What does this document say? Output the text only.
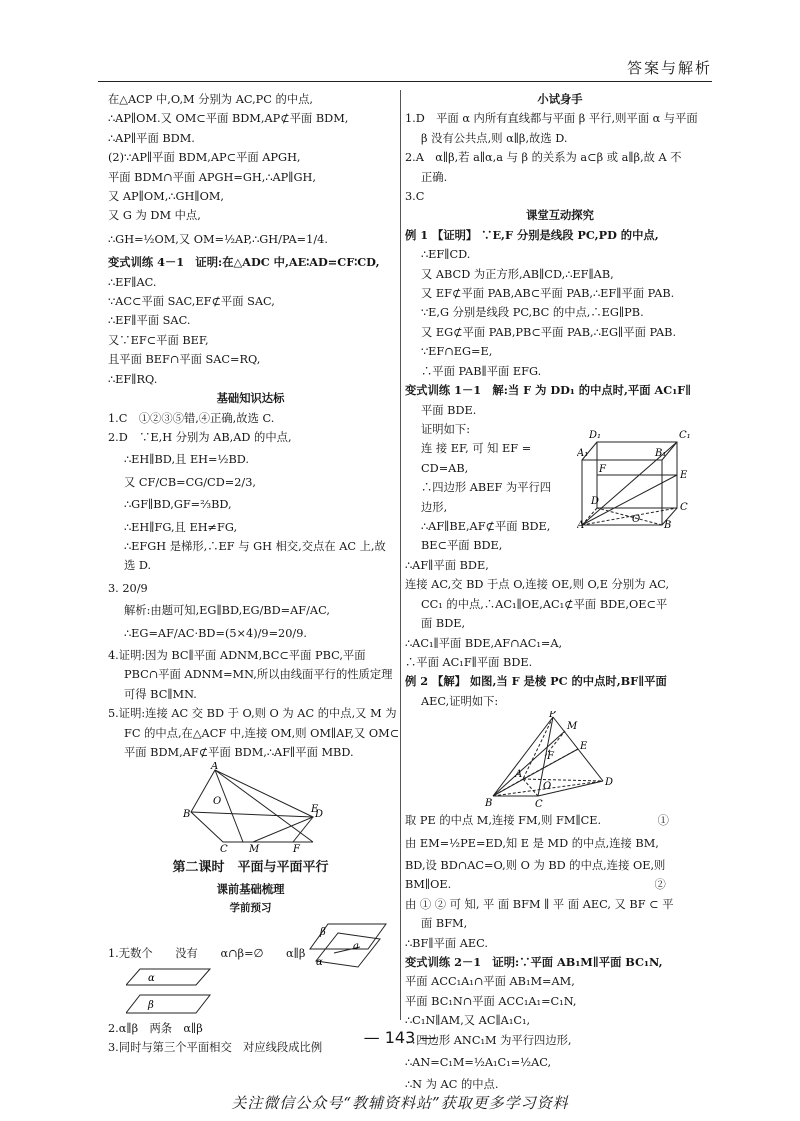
答案与解析
在△ACP 中,O,M 分别为 AC,PC 的中点,
∴AP∥OM.又 OM⊂平面 BDM,AP⊄平面 BDM,
∴AP∥平面 BDM.
(2)∵AP∥平面 BDM,AP⊂平面 APGH,
平面 BDM∩平面 APGH=GH,∴AP∥GH,
又 AP∥OM,∴GH∥OM,
又 G 为 DM 中点,
∴GH=½OM,又 OM=½AP,∴GH/PA=1/4.
变式训练 4－1　证明:在△ADC 中,AE∶AD=CF∶CD,
∴EF∥AC.
∵AC⊂平面 SAC,EF⊄平面 SAC,
∴EF∥平面 SAC.
又∵EF⊂平面 BEF,
且平面 BEF∩平面 SAC=RQ,
∴EF∥RQ.
基础知识达标
1.C　①②③⑤错,④正确,故选 C.
2.D　∵E,H 分别为 AB,AD 的中点,
∴EH∥BD,且 EH=½BD.
又 CF/CB=CG/CD=2/3,
∴GF∥BD,GF=⅔BD,
∴EH∥FG,且 EH≠FG,
∴EFGH 是梯形,∴EF 与 GH 相交,交点在 AC 上,故
选 D.
3. 20/9
解析:由题可知,EG∥BD,EG/BD=AF/AC,
∴EG=AF/AC·BD=(5×4)/9=20/9.
4.证明:因为 BC∥平面 ADNM,BC⊂平面 PBC,平面
PBC∩平面 ADNM=MN,所以由线面平行的性质定理
可得 BC∥MN.
5.证明:连接 AC 交 BD 于 O,则 O 为 AC 的中点,又 M 为
FC 的中点,在△ACF 中,连接 OM,则 OM∥AF,又 OM⊂
平面 BDM,AF⊄平面 BDM,∴AF∥平面 MBD.
A
O
B	D
E
C M	F
第二课时　平面与平面平行
课前基础梳理
学前预习
β
a
α
1.无数个　　没有　　α∩β=∅　　α∥β
α
β
2.α∥β　两条　α∥β
3.同时与第三个平面相交　对应线段成比例
小试身手
1.D　平面 α 内所有直线都与平面 β 平行,则平面 α 与平面
β 没有公共点,则 α∥β,故选 D.
2.A　α∥β,若 a∥α,a 与 β 的关系为 a⊂β 或 a∥β,故 A 不
正确.
3.C
课堂互动探究
例 1 【证明】 ∵E,F 分别是线段 PC,PD 的中点,
∴EF∥CD.
又 ABCD 为正方形,AB∥CD,∴EF∥AB,
又 EF⊄平面 PAB,AB⊂平面 PAB,∴EF∥平面 PAB.
∵E,G 分别是线段 PC,BC 的中点,∴EG∥PB.
又 EG⊄平面 PAB,PB⊂平面 PAB,∴EG∥平面 PAB.
∵EF∩EG=E,
∴平面 PAB∥平面 EFG.
变式训练 1－1　解:当 F 为 DD₁ 的中点时,平面 AC₁F∥
平面 BDE.
证明如下:
连 接 EF, 可 知 EF =
CD=AB,
∴四边形 ABEF 为平行四
边形,
∴AF∥BE,AF⊄平面 BDE,
BE⊂平面 BDE,
D₁	C₁
A₁	B₁
F
E
D
C
O
A	B
∴AF∥平面 BDE,
连接 AC,交 BD 于点 O,连接 OE,则 O,E 分别为 AC,
CC₁ 的中点,∴AC₁∥OE,AC₁⊄平面 BDE,OE⊂平
面 BDE,
∴AC₁∥平面 BDE,AF∩AC₁=A,
∴平面 AC₁F∥平面 BDE.
例 2 【解】 如图,当 F 是棱 PC 的中点时,BF∥平面
AEC,证明如下:
P
M
E
F
A
O	D
B	C
取 PE 的中点 M,连接 FM,则 FM∥CE.　　　　　①
由 EM=½PE=ED,知 E 是 MD 的中点,连接 BM,
BD,设 BD∩AC=O,则 O 为 BD 的中点,连接 OE,则
BM∥OE.　　　　　　　　　　　　　　　　　　②
由 ① ② 可 知, 平 面 BFM ∥ 平 面 AEC, 又 BF ⊂ 平
面 BFM,
∴BF∥平面 AEC.
变式训练 2－1　证明:∵平面 AB₁M∥平面 BC₁N,
平面 ACC₁A₁∩平面 AB₁M=AM,
平面 BC₁N∩平面 ACC₁A₁=C₁N,
∴C₁N∥AM,又 AC∥A₁C₁,
∴四边形 ANC₁M 为平行四边形,
∴AN=C₁M=½A₁C₁=½AC,
∴N 为 AC 的中点.
— 143 —
关注微信公众号“教辅资料站”获取更多学习资料
